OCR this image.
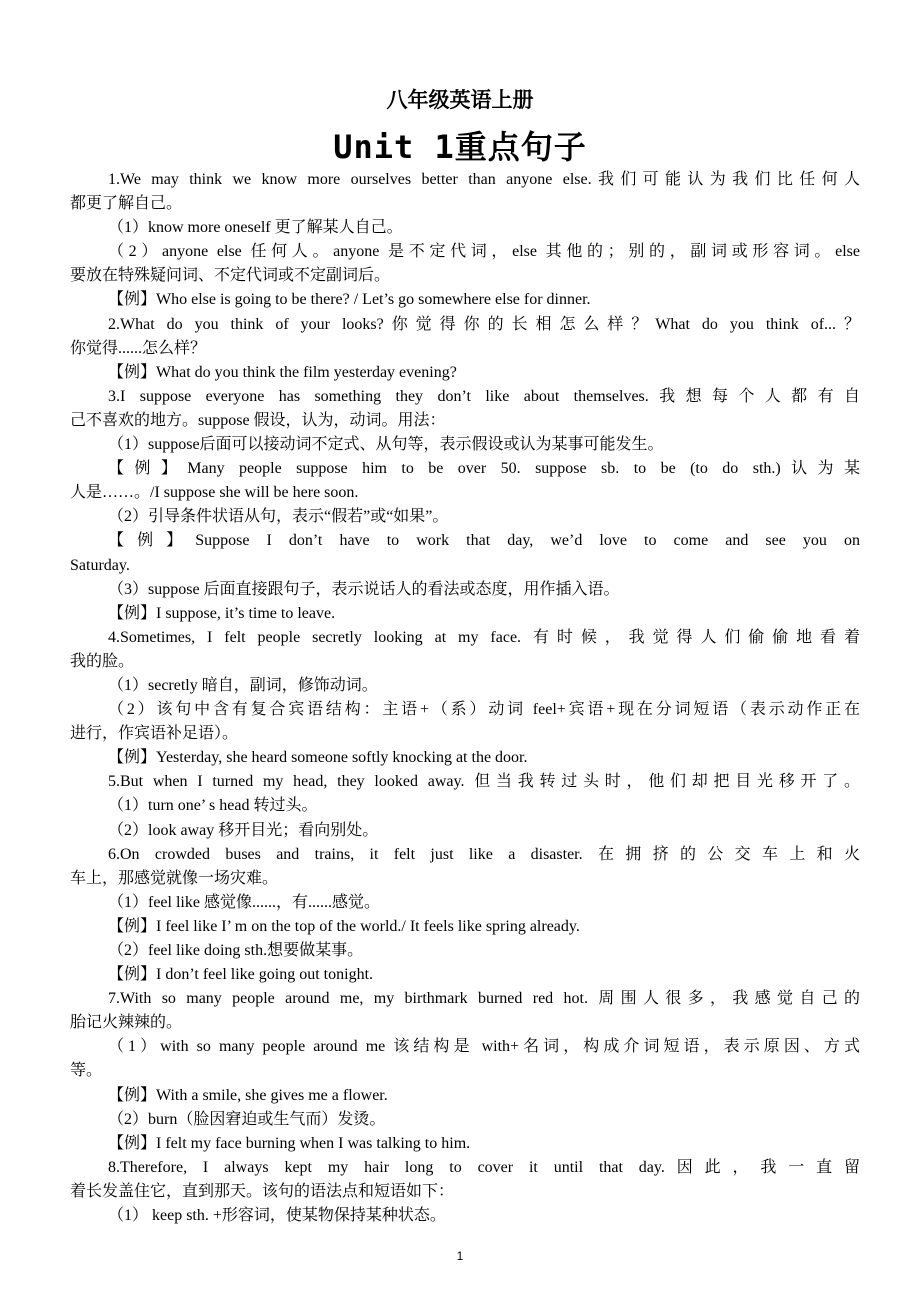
八年级英语上册
Unit 1重点句子
1.We may think we know more ourselves better than anyone else.我们可能认为我们比任何人
都更了解自己。
（1）know more oneself 更了解某人自己。
（2）anyone else 任何人。anyone 是不定代词，else 其他的；别的，副词或形容词。else
要放在特殊疑问词、不定代词或不定副词后。
【例】Who else is going to be there? / Let’s go somewhere else for dinner.
2.What do you think of your looks?你觉得你的长相怎么样？What do you think of...？
你觉得......怎么样？
【例】What do you think the film yesterday evening?
3.I suppose everyone has something they don’t like about themselves.我想每个人都有自
己不喜欢的地方。suppose 假设，认为，动词。用法：
（1）suppose后面可以接动词不定式、从句等，表示假设或认为某事可能发生。
【例】Many people suppose him to be over 50. suppose sb. to be (to do sth.)认为某
人是……。/I suppose she will be here soon.
（2）引导条件状语从句，表示“假若”或“如果”。
【例】Suppose I don’t have to work that day, we’d love to come and see you on
Saturday.
（3）suppose 后面直接跟句子，表示说话人的看法或态度，用作插入语。
【例】I suppose, it’s time to leave.
4.Sometimes, I felt people secretly looking at my face. 有时候，我觉得人们偷偷地看着
我的脸。
（1）secretly 暗自，副词，修饰动词。
（2）该句中含有复合宾语结构：主语+（系）动词 feel+宾语+现在分词短语（表示动作正在
进行，作宾语补足语）。
【例】Yesterday, she heard someone softly knocking at the door.
5.But when I turned my head, they looked away. 但当我转过头时，他们却把目光移开了。
（1）turn one’ s head 转过头。
（2）look away 移开目光；看向别处。
6.On crowded buses and trains, it felt just like a disaster. 在拥挤的公交车上和火
车上，那感觉就像一场灾难。
（1）feel like 感觉像......，有......感觉。
【例】I feel like I’ m on the top of the world./ It feels like spring already.
（2）feel like doing sth.想要做某事。
【例】I don’t feel like going out tonight.
7.With so many people around me, my birthmark burned red hot. 周围人很多，我感觉自己的
胎记火辣辣的。
（1）with so many people around me 该结构是 with+名词，构成介词短语，表示原因、方式
等。
【例】With a smile, she gives me a flower.
（2）burn（脸因窘迫或生气而）发烫。
【例】I felt my face burning when I was talking to him.
8.Therefore, I always kept my hair long to cover it until that day.因此，我一直留
着长发盖住它，直到那天。该句的语法点和短语如下：
（1） keep sth. +形容词，使某物保持某种状态。
1
